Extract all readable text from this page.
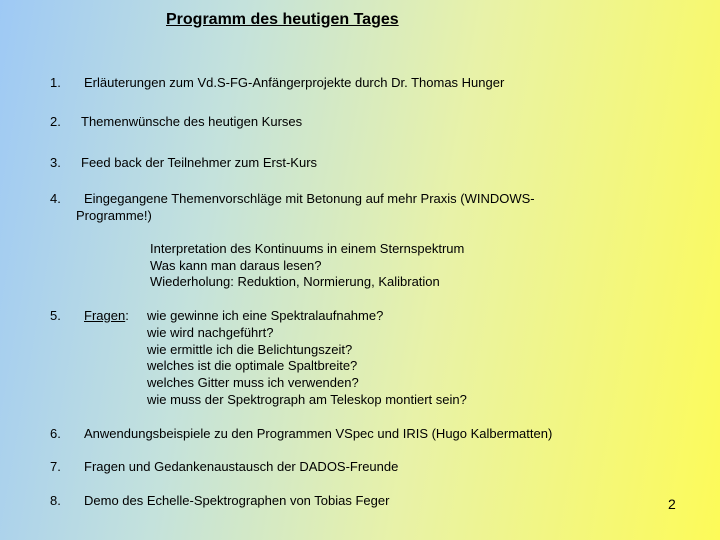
Programm des heutigen Tages
1.	Erläuterungen zum Vd.S-FG-Anfängerprojekte durch Dr. Thomas Hunger
2.	Themenwünsche des heutigen Kurses
3.	Feed back der Teilnehmer zum Erst-Kurs
4.	Eingegangene Themenvorschläge mit Betonung auf mehr Praxis (WINDOWS-
Programme!)
Interpretation des Kontinuums in einem Sternspektrum
Was kann man daraus lesen?
Wiederholung: Reduktion, Normierung, Kalibration
5.	Fragen: wie gewinne ich eine Spektralaufnahme?
wie wird nachgeführt?
wie ermittle ich die Belichtungszeit?
welches ist die optimale Spaltbreite?
welches Gitter muss ich verwenden?
wie muss der Spektrograph am Teleskop montiert sein?
6.	Anwendungsbeispiele zu den Programmen VSpec und IRIS (Hugo Kalbermatten)
7.	Fragen und Gedankenaustausch der DADOS-Freunde
8.	Demo des Echelle-Spektrographen von Tobias Feger	2
